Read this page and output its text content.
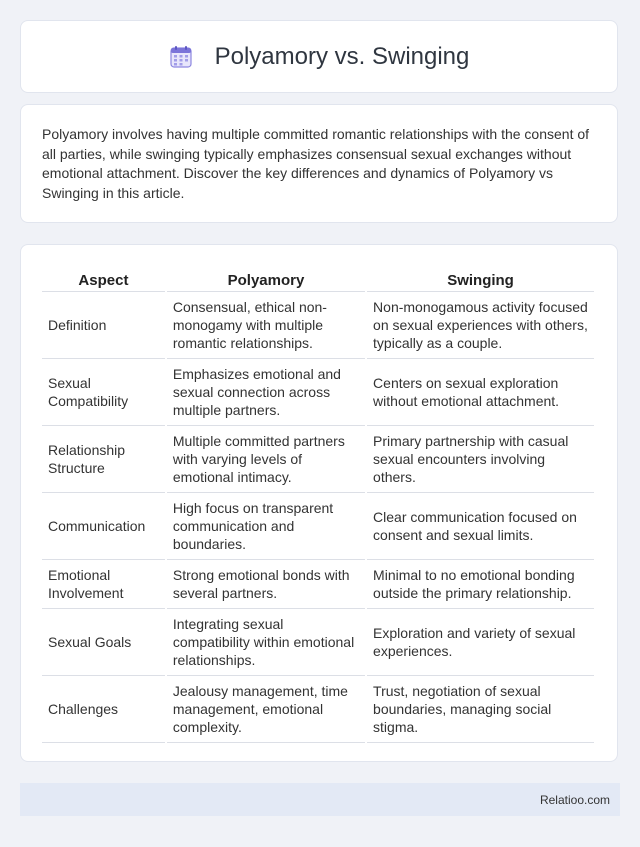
Polyamory vs. Swinging

Polyamory involves having multiple committed romantic relationships with the consent of all parties, while swinging typically emphasizes consensual sexual exchanges without emotional attachment. Discover the key differences and dynamics of Polyamory vs Swinging in this article.

Aspect	Polyamory	Swinging
Definition	Consensual, ethical non-monogamy with multiple romantic relationships.	Non-monogamous activity focused on sexual experiences with others, typically as a couple.
Sexual Compatibility	Emphasizes emotional and sexual connection across multiple partners.	Centers on sexual exploration without emotional attachment.
Relationship Structure	Multiple committed partners with varying levels of emotional intimacy.	Primary partnership with casual sexual encounters involving others.
Communication	High focus on transparent communication and boundaries.	Clear communication focused on consent and sexual limits.
Emotional Involvement	Strong emotional bonds with several partners.	Minimal to no emotional bonding outside the primary relationship.
Sexual Goals	Integrating sexual compatibility within emotional relationships.	Exploration and variety of sexual experiences.
Challenges	Jealousy management, time management, emotional complexity.	Trust, negotiation of sexual boundaries, managing social stigma.
Relatioo.com
